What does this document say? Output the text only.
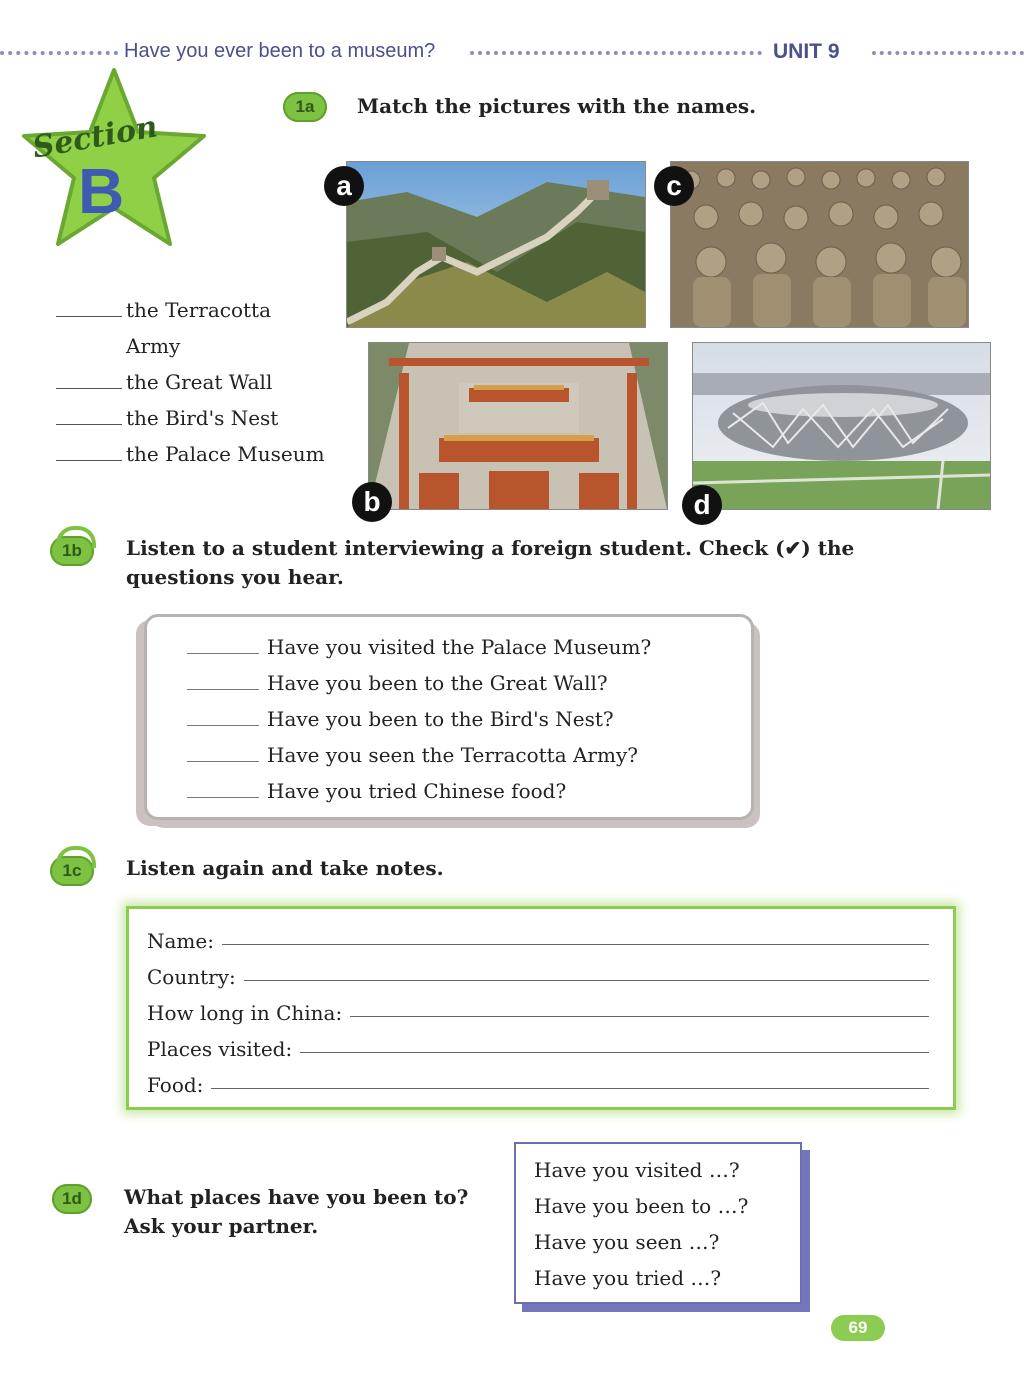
Have you ever been to a museum?	UNIT 9
Section
B
1a	Match the pictures with the names.
the Terracotta
Army
the Great Wall
the Bird's Nest
the Palace Museum
a	c
b	d
1b	Listen to a student interviewing a foreign student. Check (✔) the
questions you hear.
Have you visited the Palace Museum?
Have you been to the Great Wall?
Have you been to the Bird's Nest?
Have you seen the Terracotta Army?
Have you tried Chinese food?
1c	Listen again and take notes.
Name:
Country:
How long in China:
Places visited:
Food:
1d	What places have you been to?
Ask your partner.
Have you visited …?
Have you been to …?
Have you seen …?
Have you tried …?
69
